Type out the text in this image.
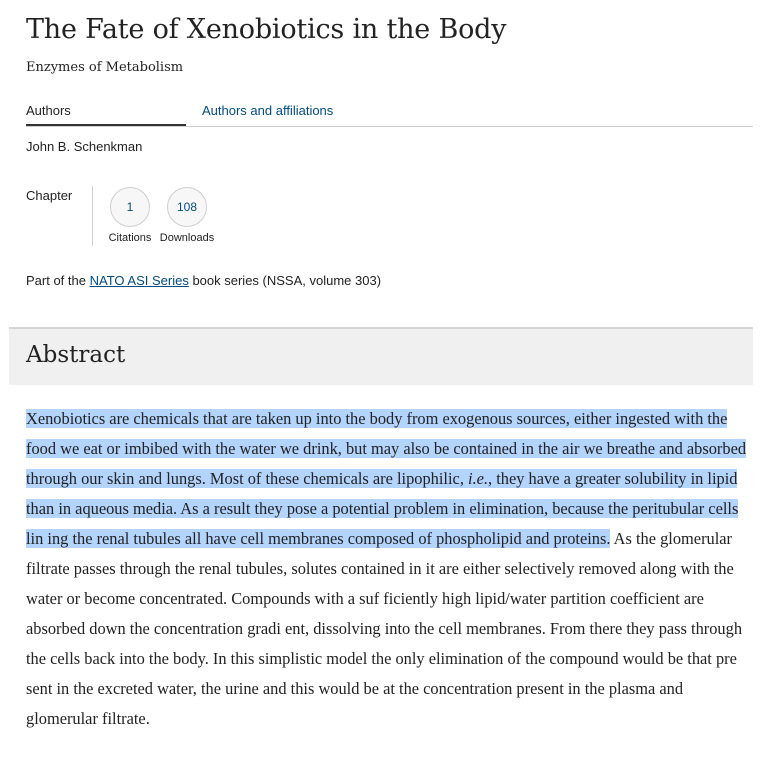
The Fate of Xenobiotics in the Body

Enzymes of Metabolism

Authors	Authors and affiliations
John B. Schenkman
Chapter
1
Citations
108
Downloads
Part of the NATO ASI Series book series (NSSA, volume 303)
Abstract

Xenobiotics are chemicals that are taken up into the body from exogenous sources, either ingested with the food we eat or imbibed with the water we drink, but may also be contained in the air we breathe and absorbed through our skin and lungs. Most of these chemicals are lipophilic, i.e., they have a greater solubility in lipid than in aqueous media. As a result they pose a potential problem in elimination, because the peritubular cells lin ing the renal tubules all have cell membranes composed of phospholipid and proteins. As the glomerular filtrate passes through the renal tubules, solutes contained in it are either selectively removed along with the water or become concentrated. Compounds with a suf ficiently high lipid/water partition coefficient are absorbed down the concentration gradi ent, dissolving into the cell membranes. From there they pass through the cells back into the body. In this simplistic model the only elimination of the compound would be that pre sent in the excreted water, the urine and this would be at the concentration present in the plasma and glomerular filtrate.
